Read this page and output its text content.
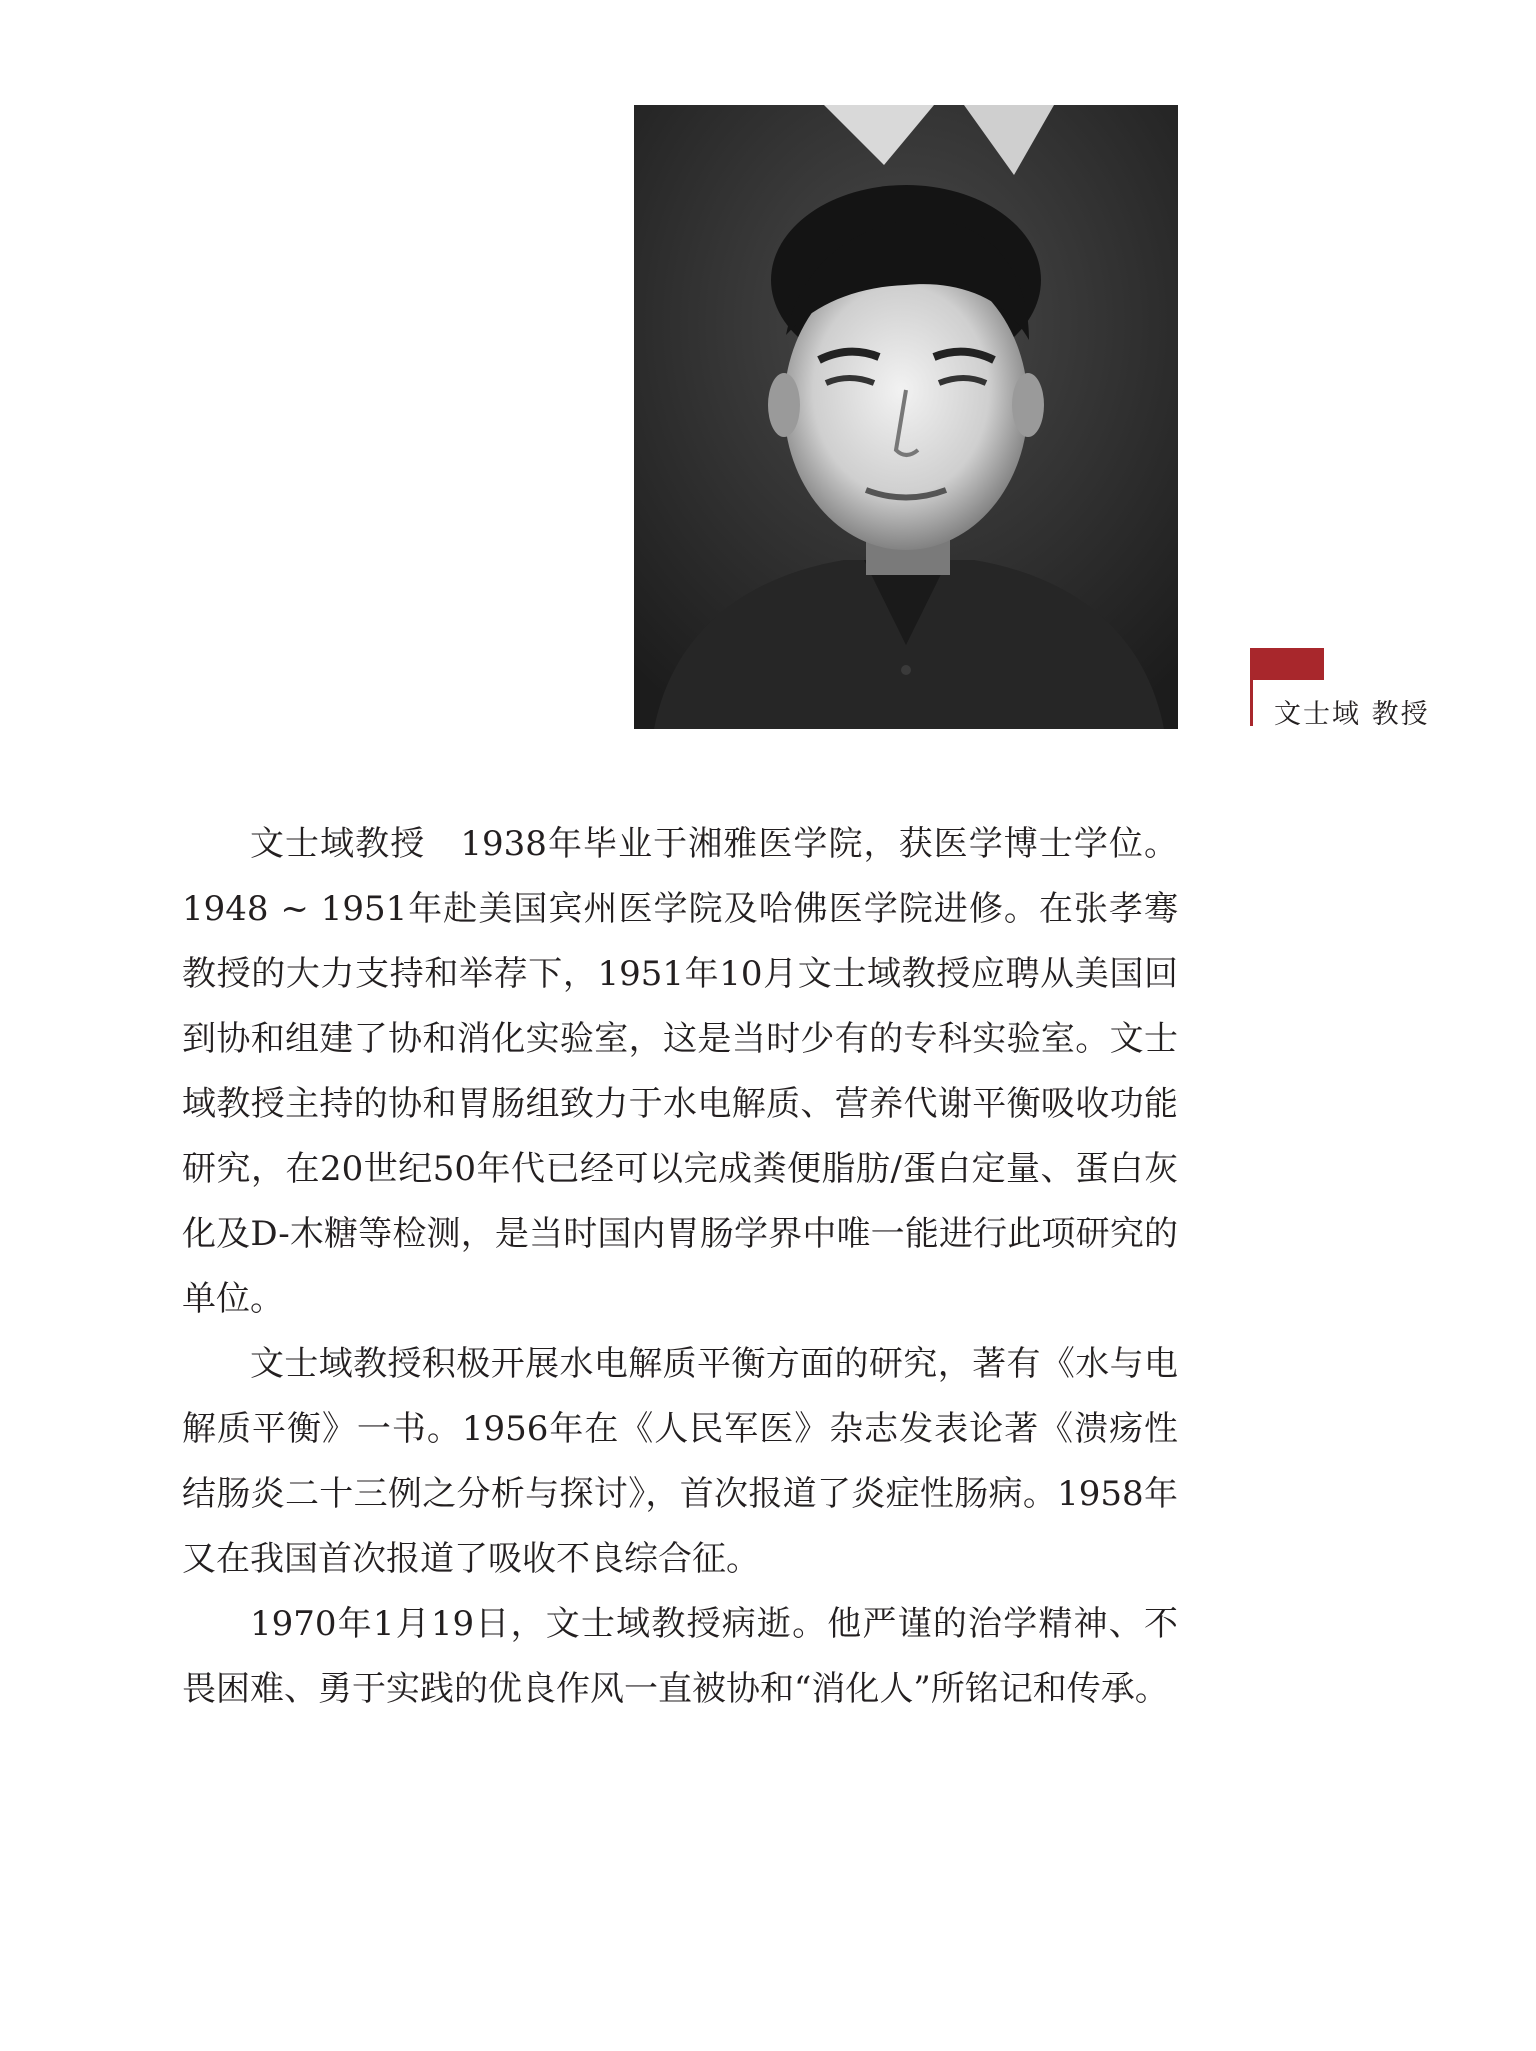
文士域 教授

文士域教授　1938年毕业于湘雅医学院，获医学博士学位。1948 ~ 1951年赴美国宾州医学院及哈佛医学院进修。在张孝骞教授的大力支持和举荐下，1951年10月文士域教授应聘从美国回到协和组建了协和消化实验室，这是当时少有的专科实验室。文士域教授主持的协和胃肠组致力于水电解质、营养代谢平衡吸收功能研究，在20世纪50年代已经可以完成粪便脂肪/蛋白定量、蛋白灰化及D-木糖等检测，是当时国内胃肠学界中唯一能进行此项研究的单位。

文士域教授积极开展水电解质平衡方面的研究，著有《水与电解质平衡》一书。1956年在《人民军医》杂志发表论著《溃疡性结肠炎二十三例之分析与探讨》，首次报道了炎症性肠病。1958年又在我国首次报道了吸收不良综合征。

1970年1月19日，文士域教授病逝。他严谨的治学精神、不畏困难、勇于实践的优良作风一直被协和“消化人”所铭记和传承。
